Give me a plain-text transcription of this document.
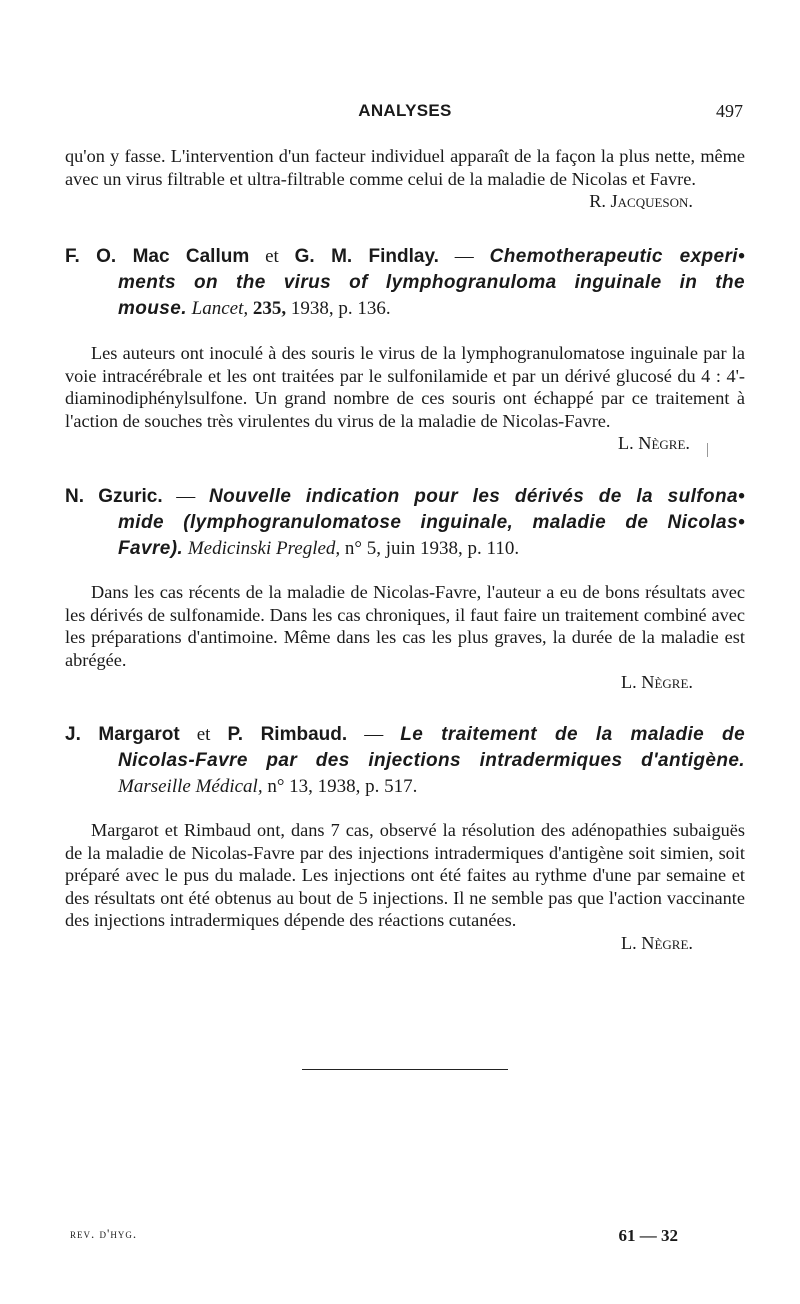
ANALYSES	497
qu'on y fasse. L'intervention d'un facteur individuel apparaît de la façon la plus nette, même avec un virus filtrable et ultra-filtrable comme celui de la maladie de Nicolas et Favre.
R. Jacqueson.
F. O. Mac Callum et G. M. Findlay. — Chemotherapeutic experi•
ments on the virus of lymphogranuloma inguinale in the
mouse. Lancet, 235, 1938, p. 136.
Les auteurs ont inoculé à des souris le virus de la lymphogranulomatose inguinale par la voie intracérébrale et les ont traitées par le sulfonilamide et par un dérivé glucosé du 4 : 4'-diaminodiphénylsulfone. Un grand nombre de ces souris ont échappé par ce traitement à l'action de souches très virulentes du virus de la maladie de Nicolas-Favre.
L. Nègre.
N. Gzuric. — Nouvelle indication pour les dérivés de la sulfona•
mide (lymphogranulomatose inguinale, maladie de Nicolas•
Favre). Medicinski Pregled, n° 5, juin 1938, p. 110.
Dans les cas récents de la maladie de Nicolas-Favre, l'auteur a eu de bons résultats avec les dérivés de sulfonamide. Dans les cas chroniques, il faut faire un traitement combiné avec les préparations d'antimoine. Même dans les cas les plus graves, la durée de la maladie est abrégée.
L. Nègre.
J. Margarot et P. Rimbaud. — Le traitement de la maladie de
Nicolas-Favre par des injections intradermiques d'antigène.
Marseille Médical, n° 13, 1938, p. 517.
Margarot et Rimbaud ont, dans 7 cas, observé la résolution des adénopathies subaiguës de la maladie de Nicolas-Favre par des injections intradermiques d'antigène soit simien, soit préparé avec le pus du malade. Les injections ont été faites au rythme d'une par semaine et des résultats ont été obtenus au bout de 5 injections. Il ne semble pas que l'action vaccinante des injections intradermiques dépende des réactions cutanées.
L. Nègre.
rev. d'hyg.	61 — 32
